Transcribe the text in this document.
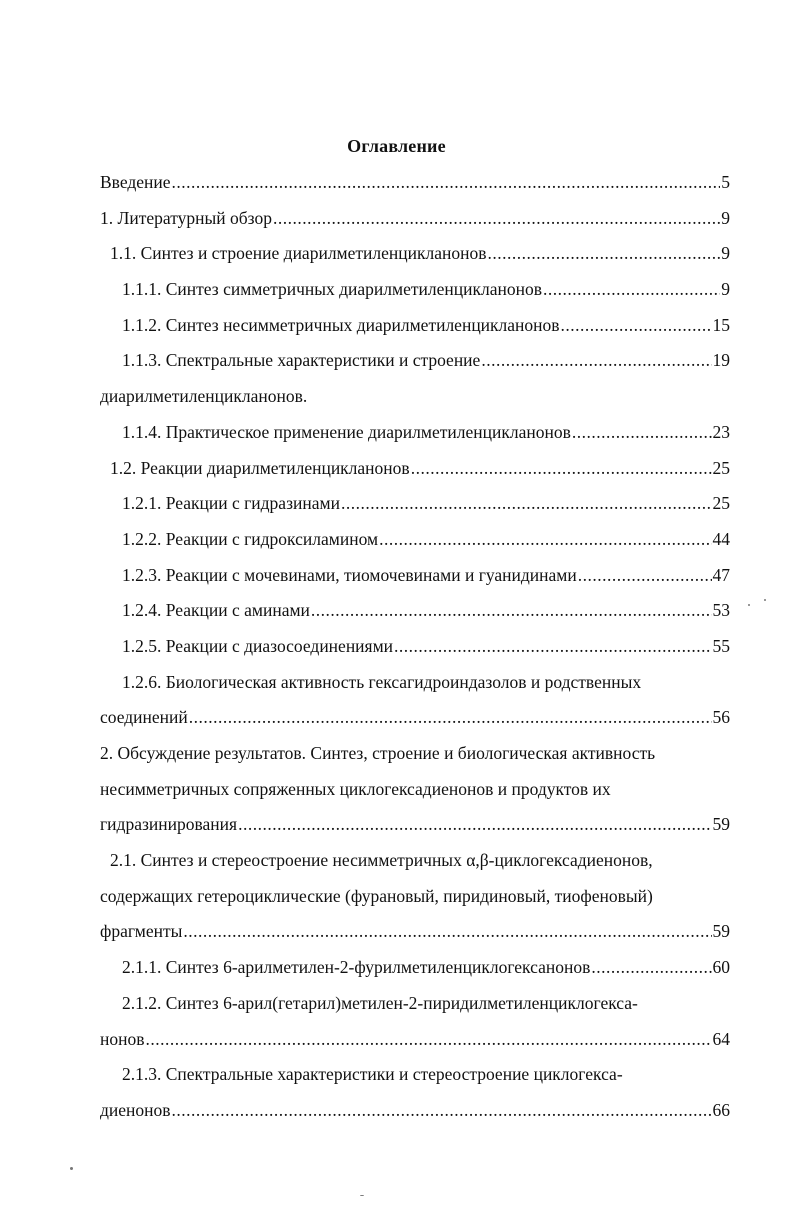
Оглавление
Введение .....	5
1. Литературный обзор .....	9
1.1. Синтез и строение диарилметиленциклaнонов .....	9
1.1.1. Синтез симметричных диарилметиленцикланонов .....	9
1.1.2. Синтез несимметричных диарилметиленцикланонов .....	15
1.1.3. Спектральные характеристики и строение .....	19
диарилметиленцикланонов.
1.1.4. Практическое применение диарилметиленцикланонов .....	23
1.2. Реакции диарилметиленцикланонов .....	25
1.2.1. Реакции с гидразинами .....	25
1.2.2. Реакции с гидроксиламином .....	44
1.2.3. Реакции с мочевинами, тиомочевинами и гуанидинами .....	47
1.2.4. Реакции с аминами .....	53
1.2.5. Реакции с диазосоединениями .....	55
1.2.6. Биологическая активность гексагидроиндазолов и родственных
соединений .....	56
2. Обсуждение результатов. Синтез, строение и биологическая активность
несимметричных сопряженных циклогексадиенонов и продуктов их
гидразинирования .....	59
2.1. Синтез и стереостроение несимметричных α,β-циклогексадиенонов,
содержащих гетероциклические (фурановый, пиридиновый, тиофеновый)
фрагменты .....	59
2.1.1. Синтез 6-арилметилен-2-фурилметиленциклогексанонов .....	60
2.1.2. Синтез 6-арил(гетарил)метилен-2-пиридилметиленциклогекса-
нонов .....	64
2.1.3. Спектральные характеристики и стереостроение циклогекса-
диенонов .....	66
